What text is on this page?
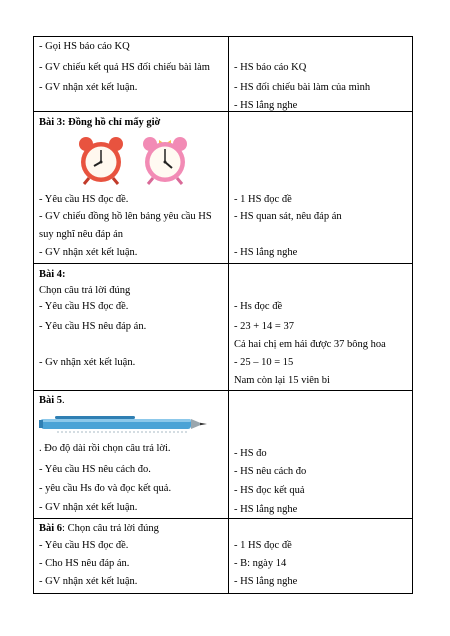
- Gọi HS báo cáo KQ
- GV chiếu kết quả HS đối chiếu bài làm
- GV nhận xét kết luận.
- HS báo cáo KQ
- HS đối chiếu bài làm của mình
- HS lắng nghe
Bài 3: Đồng hồ chỉ mấy giờ
- Yêu cầu HS đọc đề.
- GV chiếu đồng hồ lên bảng yêu cầu HS
suy nghĩ nêu đáp án
- GV nhận xét kết luận.
- 1 HS đọc đề
- HS quan sát, nêu đáp án
- HS lắng nghe
Bài 4:
Chọn câu trả lời đúng
- Yêu cầu HS đọc đề.
- Yêu cầu HS nêu đáp án.
- Gv nhận xét kết luận.
- Hs đọc đề
- 23 + 14 = 37
Cả hai chị em hái được 37 bông hoa
- 25 – 10 = 15
Nam còn lại 15 viên bi
Bài 5.
. Đo độ dài rồi chọn câu trả lời.
- Yêu cầu HS nêu cách đo.
- yêu cầu Hs đo và đọc kết quả.
- GV nhận xét kết luận.
- HS đo
- HS nêu cách đo
- HS đọc kết quả
- HS lắng nghe
Bài 6: Chọn câu trả lời đúng
- Yêu cầu HS đọc đề.
- Cho HS nêu đáp án.
- GV nhận xét kết luận.
- 1 HS đọc đề
- B: ngày 14
- HS lắng nghe
